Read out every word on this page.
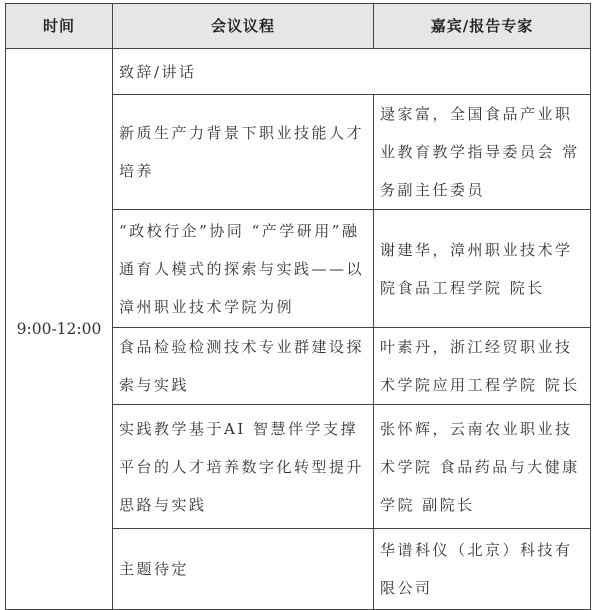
时间	会议议程	嘉宾/报告专家
9:00-12:00	致辞/讲话	
	新质生产力背景下职业技能人才培养	逯家富，全国食品产业职业教育教学指导委员会 常务副主任委员
	“政校行企”协同 “产学研用”融通育人模式的探索与实践——以漳州职业技术学院为例	谢建华，漳州职业技术学院食品工程学院 院长
	食品检验检测技术专业群建设探索与实践	叶素丹，浙江经贸职业技术学院应用工程学院 院长
	实践教学基于AI 智慧伴学支撑平台的人才培养数字化转型提升思路与实践	张怀辉，云南农业职业技术学院 食品药品与大健康学院 副院长
	主题待定	华谱科仪（北京）科技有限公司
